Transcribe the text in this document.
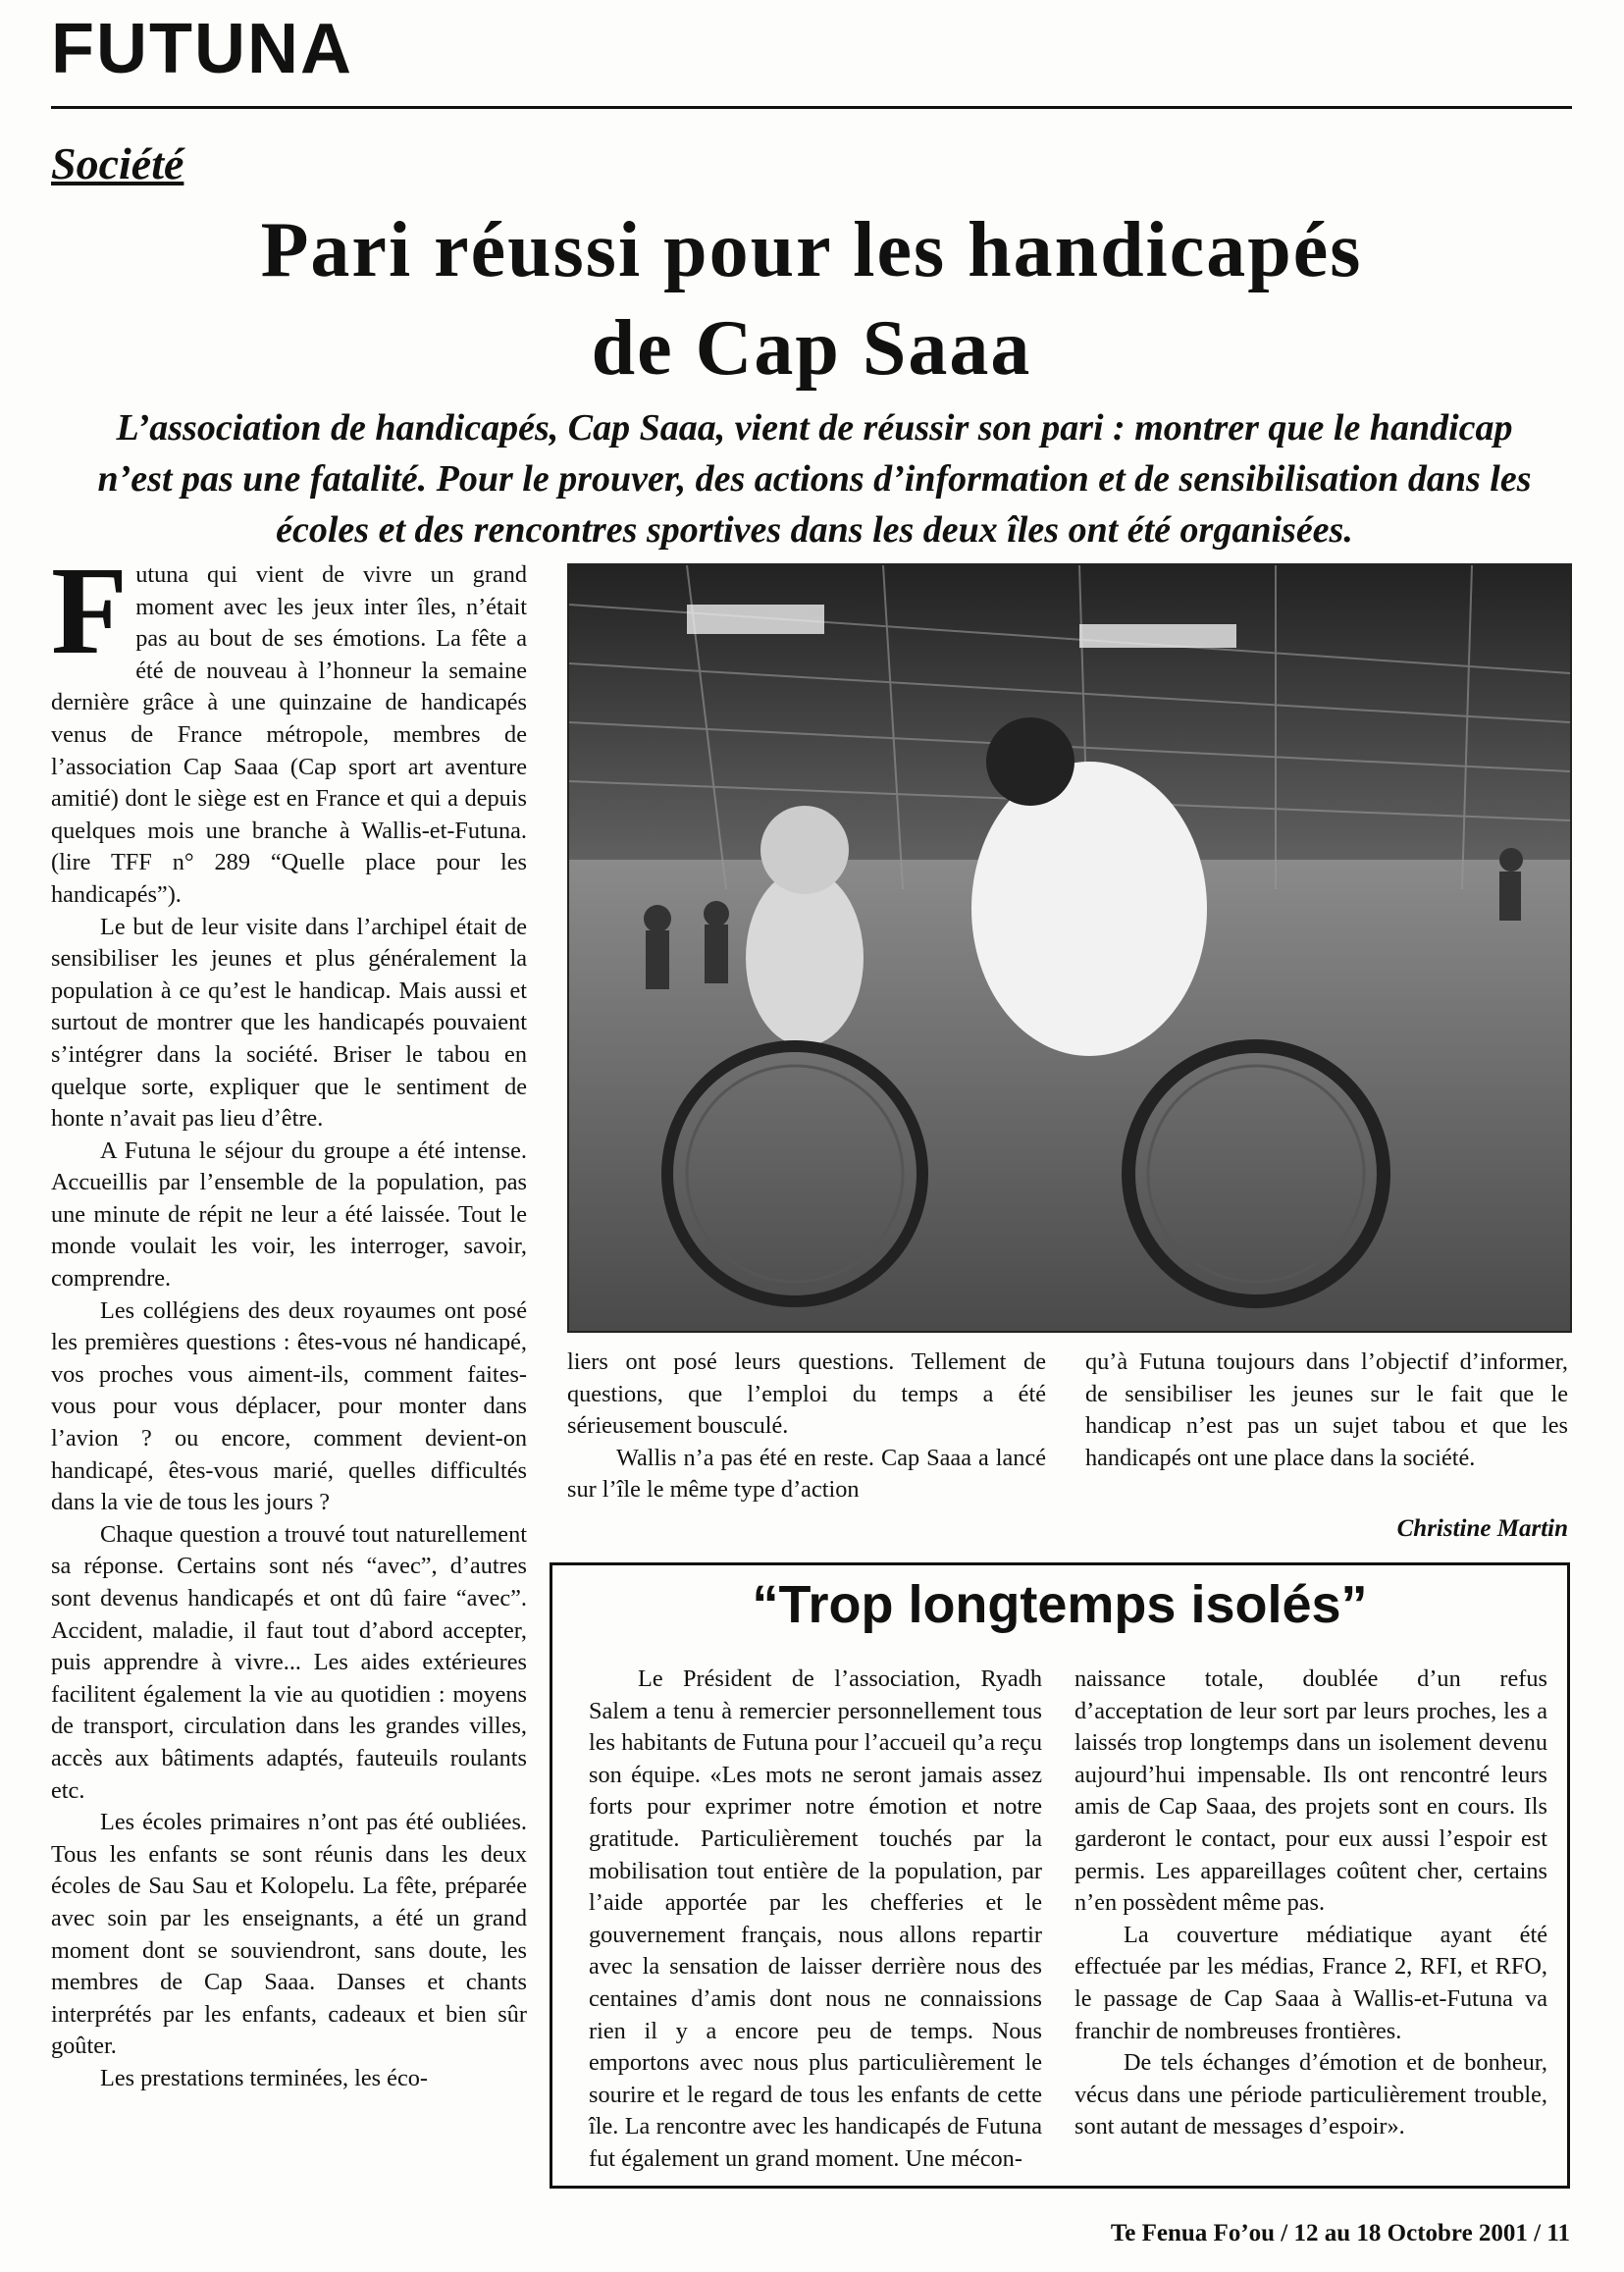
FUTUNA
Société
Pari réussi pour les handicapés
de Cap Saaa
L’association de handicapés, Cap Saaa, vient de réussir son pari : montrer que le handicap n’est pas une fatalité. Pour le prouver, des actions d’information et de sensibilisation dans les écoles et des rencontres sportives dans les deux îles ont été organisées.

Futuna qui vient de vivre un grand moment avec les jeux inter îles, n’était pas au bout de ses émotions. La fête a été de nouveau à l’honneur la semaine dernière grâce à une quinzaine de handicapés venus de France métropole, membres de l’association Cap Saaa (Cap sport art aventure amitié) dont le siège est en France et qui a depuis quelques mois une branche à Wallis-et-Futuna. (lire TFF n° 289 “Quelle place pour les handicapés”).

Le but de leur visite dans l’archipel était de sensibiliser les jeunes et plus généralement la population à ce qu’est le handicap. Mais aussi et surtout de montrer que les handicapés pouvaient s’intégrer dans la société. Briser le tabou en quelque sorte, expliquer que le sentiment de honte n’avait pas lieu d’être.

A Futuna le séjour du groupe a été intense. Accueillis par l’ensemble de la population, pas une minute de répit ne leur a été laissée. Tout le monde voulait les voir, les interroger, savoir, comprendre.

Les collégiens des deux royaumes ont posé les premières questions : êtes-vous né handicapé, vos proches vous aiment-ils, comment faites-vous pour vous déplacer, pour monter dans l’avion ? ou encore, comment devient-on handicapé, êtes-vous marié, quelles difficultés dans la vie de tous les jours ?

Chaque question a trouvé tout naturellement sa réponse. Certains sont nés “avec”, d’autres sont devenus handicapés et ont dû faire “avec”. Accident, maladie, il faut tout d’abord accepter, puis apprendre à vivre... Les aides extérieures facilitent également la vie au quotidien : moyens de transport, circulation dans les grandes villes, accès aux bâtiments adaptés, fauteuils roulants etc.

Les écoles primaires n’ont pas été oubliées. Tous les enfants se sont réunis dans les deux écoles de Sau Sau et Kolopelu. La fête, préparée avec soin par les enseignants, a été un grand moment dont se souviendront, sans doute, les membres de Cap Saaa. Danses et chants interprétés par les enfants, cadeaux et bien sûr goûter.

Les prestations terminées, les éco-

liers ont posé leurs questions. Tellement de questions, que l’emploi du temps a été sérieusement bousculé.

Wallis n’a pas été en reste. Cap Saaa a lancé sur l’île le même type d’action

qu’à Futuna toujours dans l’objectif d’informer, de sensibiliser les jeunes sur le fait que le handicap n’est pas un sujet tabou et que les handicapés ont une place dans la société.

Christine Martin
“Trop longtemps isolés”

Le Président de l’association, Ryadh Salem a tenu à remercier personnellement tous les habitants de Futuna pour l’accueil qu’a reçu son équipe. «Les mots ne seront jamais assez forts pour exprimer notre émotion et notre gratitude. Particulièrement touchés par la mobilisation tout entière de la population, par l’aide apportée par les chefferies et le gouvernement français, nous allons repartir avec la sensation de laisser derrière nous des centaines d’amis dont nous ne connaissions rien il y a encore peu de temps. Nous emportons avec nous plus particulièrement le sourire et le regard de tous les enfants de cette île. La rencontre avec les handicapés de Futuna fut également un grand moment. Une mécon-

naissance totale, doublée d’un refus d’acceptation de leur sort par leurs proches, les a laissés trop longtemps dans un isolement devenu aujourd’hui impensable. Ils ont rencontré leurs amis de Cap Saaa, des projets sont en cours. Ils garderont le contact, pour eux aussi l’espoir est permis. Les appareillages coûtent cher, certains n’en possèdent même pas.

La couverture médiatique ayant été effectuée par les médias, France 2, RFI, et RFO, le passage de Cap Saaa à Wallis-et-Futuna va franchir de nombreuses frontières.

De tels échanges d’émotion et de bonheur, vécus dans une période particulièrement trouble, sont autant de messages d’espoir».

Te Fenua Fo’ou / 12 au 18 Octobre 2001 / 11
